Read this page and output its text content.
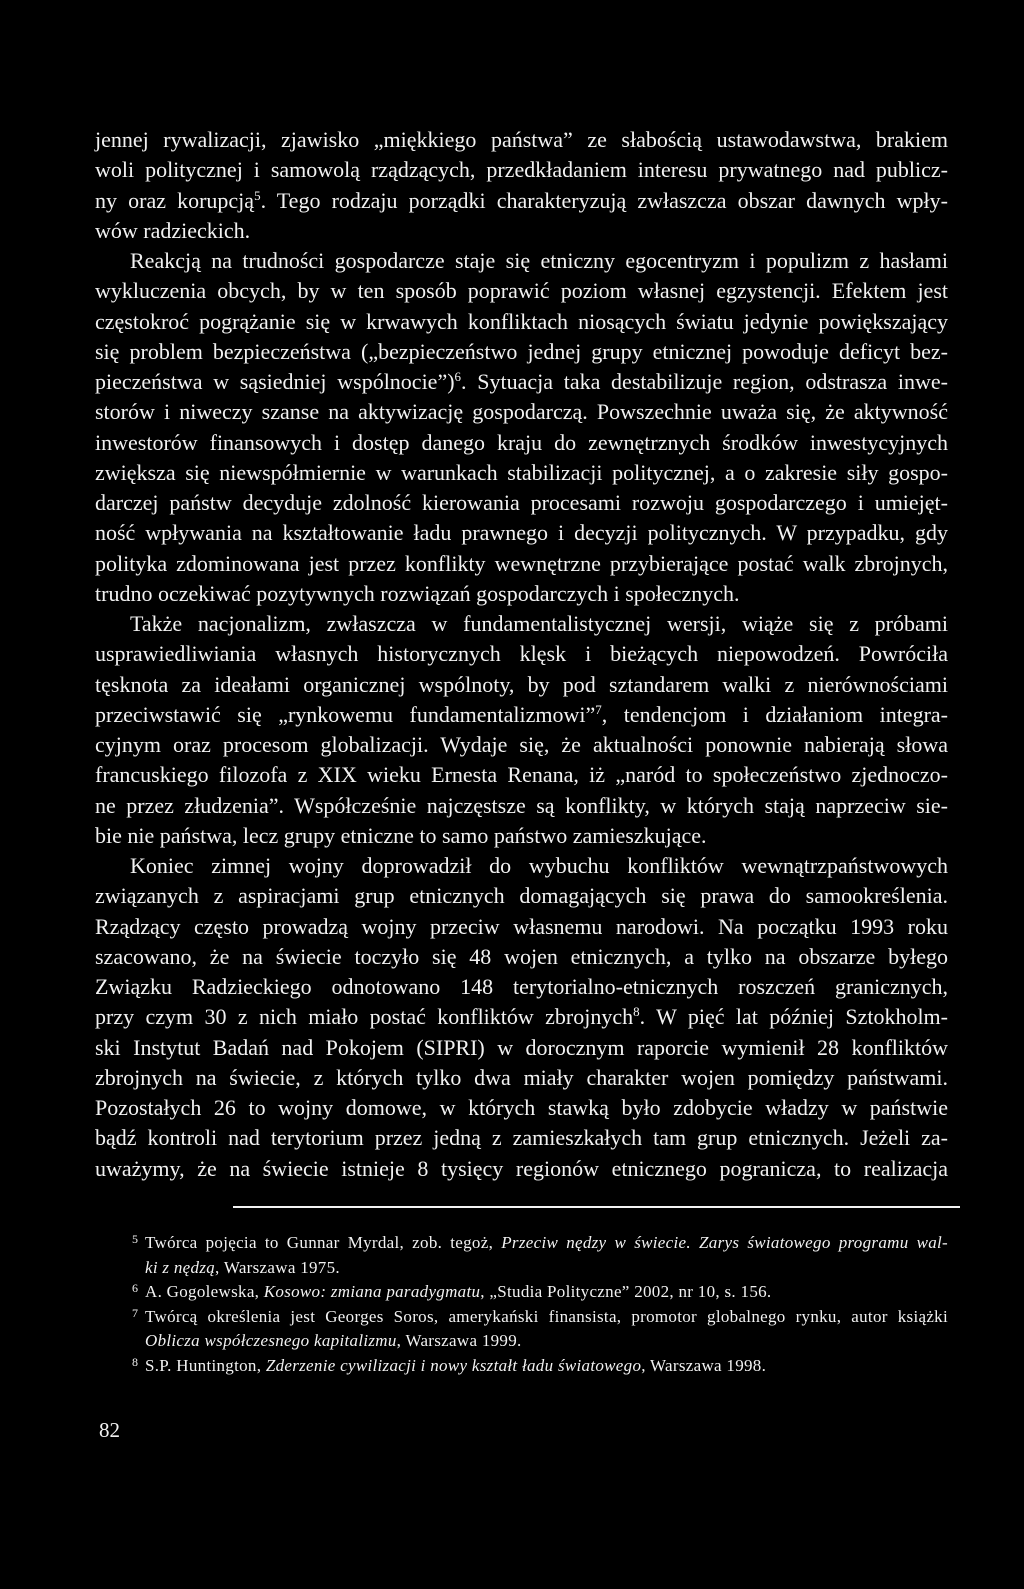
jennej rywalizacji, zjawisko „miękkiego państwa” ze słabością ustawodawstwa, brakiem
woli politycznej i samowolą rządzących, przedkładaniem interesu prywatnego nad publicz-
ny oraz korupcją$^5$. Tego rodzaju porządki charakteryzują zwłaszcza obszar dawnych wpły-
wów radzieckich.
Reakcją na trudności gospodarcze staje się etniczny egocentryzm i populizm z hasłami
wykluczenia obcych, by w ten sposób poprawić poziom własnej egzystencji. Efektem jest
częstokroć pogrążanie się w krwawych konfliktach niosących światu jedynie powiększający
się problem bezpieczeństwa („bezpieczeństwo jednej grupy etnicznej powoduje deficyt bez-
pieczeństwa w sąsiedniej wspólnocie”)$^6$. Sytuacja taka destabilizuje region, odstrasza inwe-
storów i niweczy szanse na aktywizację gospodarczą. Powszechnie uważa się, że aktywność
inwestorów finansowych i dostęp danego kraju do zewnętrznych środków inwestycyjnych
zwiększa się niewspółmiernie w warunkach stabilizacji politycznej, a o zakresie siły gospo-
darczej państw decyduje zdolność kierowania procesami rozwoju gospodarczego i umiejęt-
ność wpływania na kształtowanie ładu prawnego i decyzji politycznych. W przypadku, gdy
polityka zdominowana jest przez konflikty wewnętrzne przybierające postać walk zbrojnych,
trudno oczekiwać pozytywnych rozwiązań gospodarczych i społecznych.
Także nacjonalizm, zwłaszcza w fundamentalistycznej wersji, wiąże się z próbami
usprawiedliwiania własnych historycznych klęsk i bieżących niepowodzeń. Powróciła
tęsknota za ideałami organicznej wspólnoty, by pod sztandarem walki z nierównościami
przeciwstawić się „rynkowemu fundamentalizmowi”$^7$, tendencjom i działaniom integra-
cyjnym oraz procesom globalizacji. Wydaje się, że aktualności ponownie nabierają słowa
francuskiego filozofa z XIX wieku Ernesta Renana, iż „naród to społeczeństwo zjednoczo-
ne przez złudzenia”. Współcześnie najczęstsze są konflikty, w których stają naprzeciw sie-
bie nie państwa, lecz grupy etniczne to samo państwo zamieszkujące.
Koniec zimnej wojny doprowadził do wybuchu konfliktów wewnątrzpaństwowych
związanych z aspiracjami grup etnicznych domagających się prawa do samookreślenia.
Rządzący często prowadzą wojny przeciw własnemu narodowi. Na początku 1993 roku
szacowano, że na świecie toczyło się 48 wojen etnicznych, a tylko na obszarze byłego
Związku Radzieckiego odnotowano 148 terytorialno-etnicznych roszczeń granicznych,
przy czym 30 z nich miało postać konfliktów zbrojnych$^8$. W pięć lat później Sztokholm-
ski Instytut Badań nad Pokojem (SIPRI) w dorocznym raporcie wymienił 28 konfliktów
zbrojnych na świecie, z których tylko dwa miały charakter wojen pomiędzy państwami.
Pozostałych 26 to wojny domowe, w których stawką było zdobycie władzy w państwie
bądź kontroli nad terytorium przez jedną z zamieszkałych tam grup etnicznych. Jeżeli za-
uważymy, że na świecie istnieje 8 tysięcy regionów etnicznego pogranicza, to realizacja
5 Twórca pojęcia to Gunnar Myrdal, zob. tegoż, Przeciw nędzy w świecie. Zarys światowego programu wal-
ki z nędzą, Warszawa 1975.
6 A. Gogolewska, Kosowo: zmiana paradygmatu, „Studia Polityczne” 2002, nr 10, s. 156.
7 Twórcą określenia jest Georges Soros, amerykański finansista, promotor globalnego rynku, autor książki
Oblicza współczesnego kapitalizmu, Warszawa 1999.
8 S.P. Huntington, Zderzenie cywilizacji i nowy kształt ładu światowego, Warszawa 1998.
82
